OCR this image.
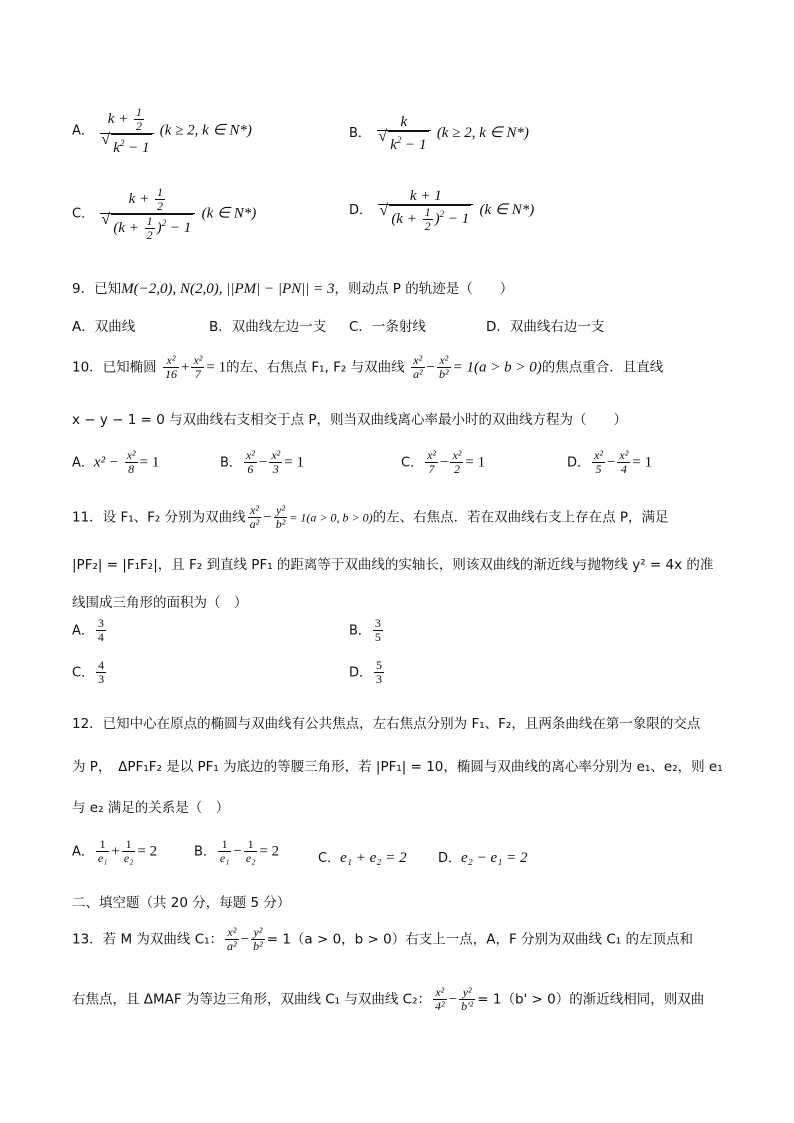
A． $k + \frac{1}{2}$
√ $k^2 - 1$ (k ≥ 2, k ∈ N*)	B． k
√ $k^2 - 1$ (k ≥ 2, k ∈ N*)
C． $k + \frac{1}{2}$
√ $(k + \frac{1}{2} )^2 - 1$ (k ∈ N*)	D． k + 1
√ $(k + \frac{1}{2} )^2 - 1$ (k ∈ N*)
9．已知M(−2,0), N(2,0), ||PM| − |PN|| = 3，则动点 P 的轨迹是（　　）
A．双曲线	B．双曲线左边一支 C．一条射线	D．双曲线右边一支
10．已知椭圆 $\frac{\text{x²}}{16} + \frac{\text{x²}}{7} = 1$的左、右焦点 F₁, F₂ 与双曲线 $\frac{\text{x²}}{\text{a²}} - \frac{\text{x²}}{\text{b²}} = 1(a > b > 0)$的焦点重合．且直线
x − y − 1 = 0 与双曲线右支相交于点 P，则当双曲线离心率最小时的双曲线方程为（　　）
A．$x^2 - \frac{\text{x²}}{8} = 1$	B． $\frac{\text{x²}}{6} - \frac{\text{x²}}{3} = 1$	C． $\frac{\text{x²}}{7} - \frac{\text{x²}}{2} = 1$	D． $\frac{\text{x²}}{5} - \frac{\text{x²}}{4} = 1$
11．设 F₁、F₂ 分别为双曲线 $\frac{\text{x²}}{\text{a²}} - \frac{\text{y²}}{\text{b²}} = 1(a > 0$, b > 0)的左、右焦点．若在双曲线右支上存在点 P，满足
|PF₂| = |F₁F₂|，且 F₂ 到直线 PF₁ 的距离等于双曲线的实轴长，则该双曲线的渐近线与抛物线 y² = 4x 的准
线围成三角形的面积为（　）
A． $\frac{3}{4}$	B． $\frac{3}{5}$
C． $\frac{4}{3}$	D． $\frac{5}{3}$
12．已知中心在原点的椭圆与双曲线有公共焦点，左右焦点分别为 F₁、F₂，且两条曲线在第一象限的交点
为 P，　ΔPF₁F₂ 是以 PF₁ 为底边的等腰三角形，若 |PF₁| = 10，椭圆与双曲线的离心率分别为 e₁、e₂，则 e₁
与 e₂ 满足的关系是（　）
A． $\frac{1}{\text{e₁}} + \frac{1}{\text{e₂}} = 2$	B． $\frac{1}{\text{e₁}} - \frac{1}{\text{e₂}} = 2$	C．e₁ + e₂ = 2 D．e₂ − e₁ = 2
二、填空题（共 20 分，每题 5 分）
13．若 M 为双曲线 C₁： $\frac{\text{x²}}{\text{a²}} - \frac{\text{y²}}{\text{b²}} = 1(a > 0$，b > 0）右支上一点，A，F 分别为双曲线 C₁ 的左顶点和
右焦点，且 ΔMAF 为等边三角形，双曲线 C₁ 与双曲线 C₂： $\frac{\text{x²}}{\text{4²}} - \frac{\text{y²}}{\text{b'²}} = 1(b' > 0)$的渐近线相同，则双曲
